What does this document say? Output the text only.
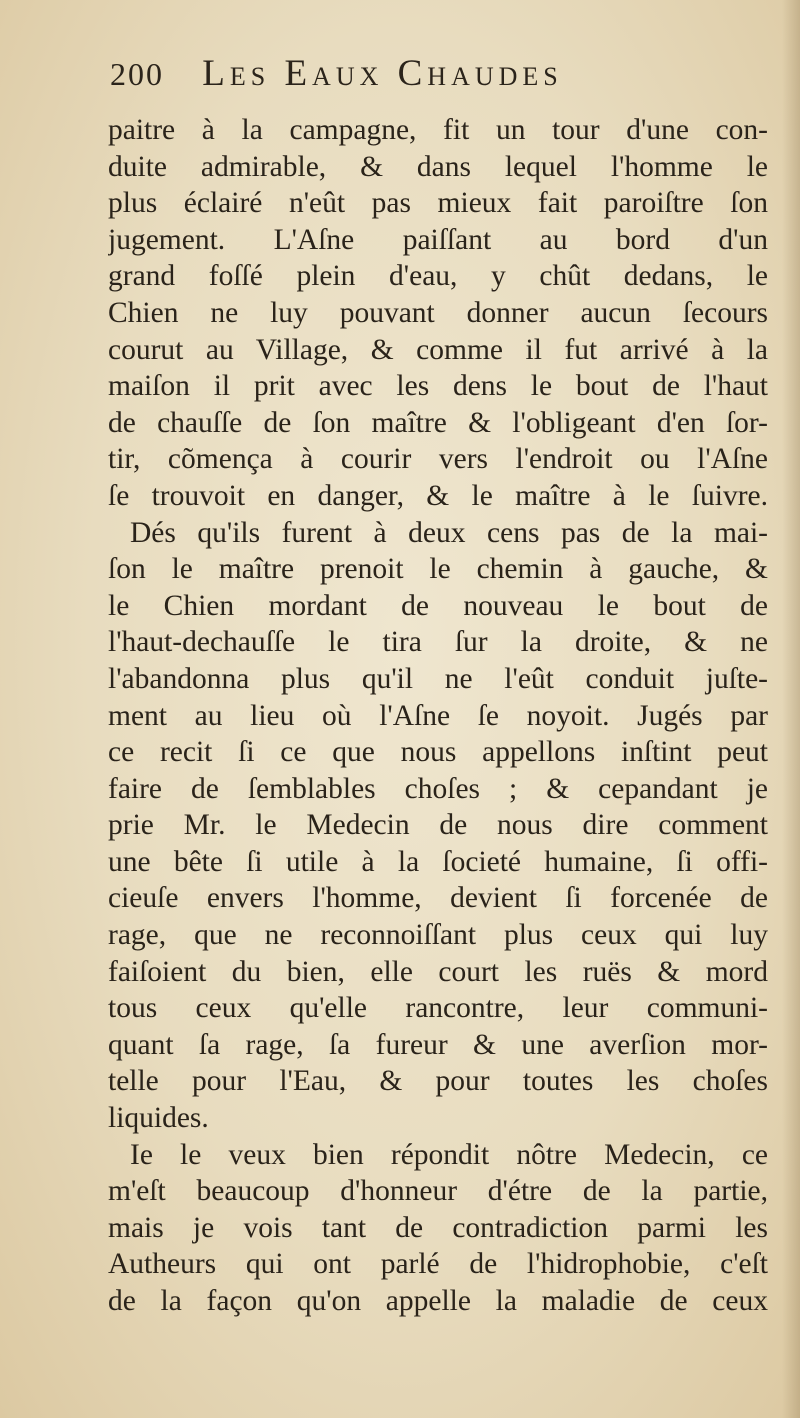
200 Les Eaux Chaudes
paitre à la campagne, fit un tour d'une con-
duite admirable, & dans lequel l'homme le
plus éclairé n'eût pas mieux fait paroiſtre ſon
jugement. L'Aſne paiſſant au bord d'un
grand foſſé plein d'eau, y chût dedans, le
Chien ne luy pouvant donner aucun ſecours
courut au Village, & comme il fut arrivé à la
maiſon il prit avec les dens le bout de l'haut
de chauſſe de ſon maître & l'obligeant d'en ſor-
tir, cõmença à courir vers l'endroit ou l'Aſne
ſe trouvoit en danger, & le maître à le ſuivre.
Dés qu'ils furent à deux cens pas de la mai-
ſon le maître prenoit le chemin à gauche, &
le Chien mordant de nouveau le bout de
l'haut-dechauſſe le tira ſur la droite, & ne
l'abandonna plus qu'il ne l'eût conduit juſte-
ment au lieu où l'Aſne ſe noyoit. Jugés par
ce recit ſi ce que nous appellons inſtint peut
faire de ſemblables choſes ; & cepandant je
prie Mr. le Medecin de nous dire comment
une bête ſi utile à la ſocieté humaine, ſi offi-
cieuſe envers l'homme, devient ſi forcenée de
rage, que ne reconnoiſſant plus ceux qui luy
faiſoient du bien, elle court les ruës & mord
tous ceux qu'elle rancontre, leur communi-
quant ſa rage, ſa fureur & une averſion mor-
telle pour l'Eau, & pour toutes les choſes
liquides.
Ie le veux bien répondit nôtre Medecin, ce
m'eſt beaucoup d'honneur d'étre de la partie,
mais je vois tant de contradiction parmi les
Autheurs qui ont parlé de l'hidrophobie, c'eſt
de la façon qu'on appelle la maladie de ceux
